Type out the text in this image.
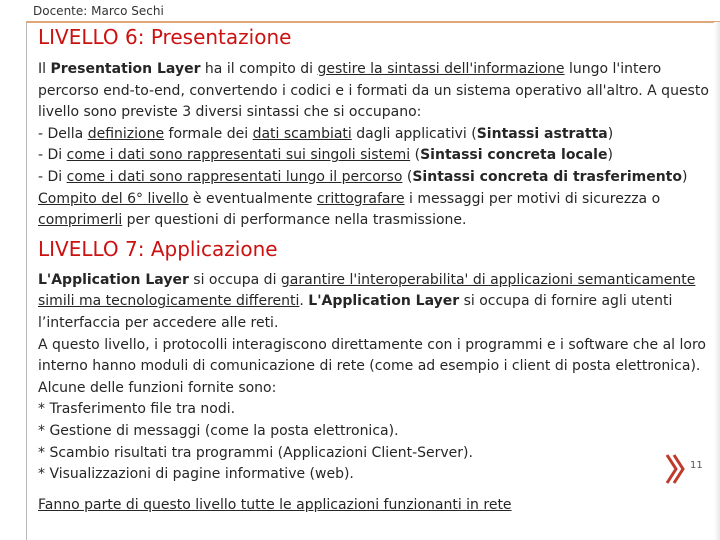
Docente: Marco Sechi
LIVELLO 6: Presentazione

Il Presentation Layer ha il compito di gestire la sintassi dell'informazione lungo l'intero percorso end-to-end, convertendo i codici e i formati da un sistema operativo all'altro. A questo livello sono previste 3 diversi sintassi che si occupano:
- Della definizione formale dei dati scambiati dagli applicativi (Sintassi astratta)
- Di come i dati sono rappresentati sui singoli sistemi (Sintassi concreta locale)
- Di come i dati sono rappresentati lungo il percorso (Sintassi concreta di trasferimento)
Compito del 6° livello è eventualmente crittografare i messaggi per motivi di sicurezza o comprimerli per questioni di performance nella trasmissione.

LIVELLO 7: Applicazione

L'Application Layer si occupa di garantire l'interoperabilita' di applicazioni semanticamente simili ma tecnologicamente differenti. L'Application Layer si occupa di fornire agli utenti l’interfaccia per accedere alle reti.
A questo livello, i protocolli interagiscono direttamente con i programmi e i software che al loro interno hanno moduli di comunicazione di rete (come ad esempio i client di posta elettronica).
Alcune delle funzioni fornite sono:
* Trasferimento file tra nodi.
* Gestione di messaggi (come la posta elettronica).
* Scambio risultati tra programmi (Applicazioni Client-Server).
* Visualizzazioni di pagine informative (web).

Fanno parte di questo livello tutte le applicazioni funzionanti in rete

11
